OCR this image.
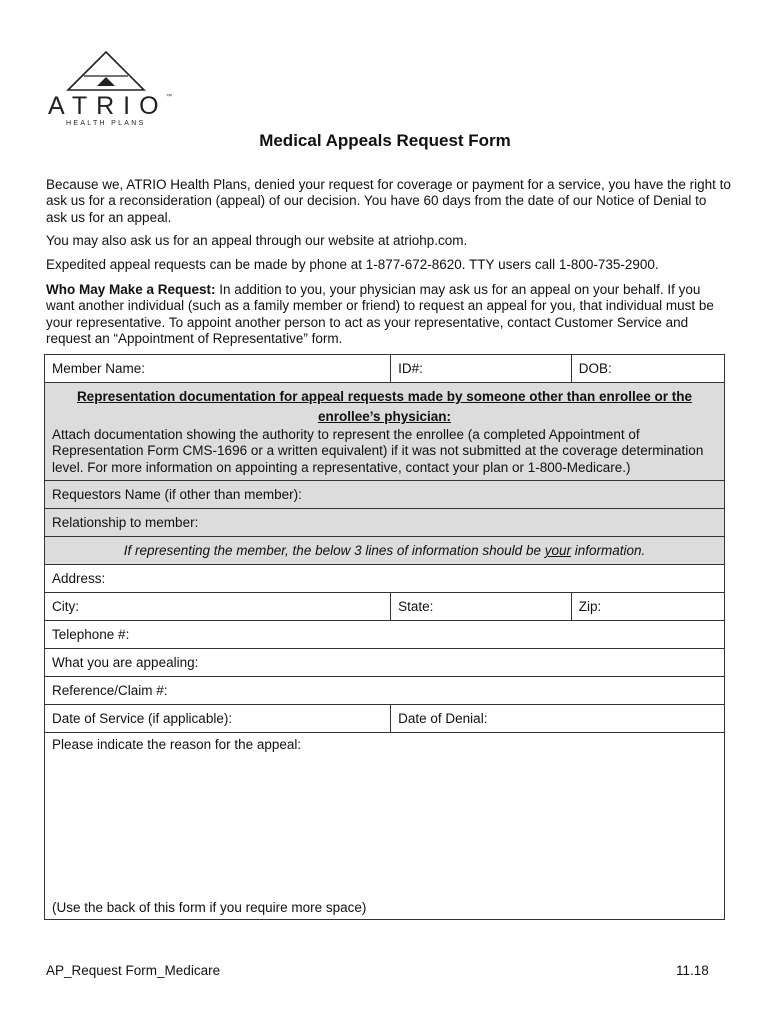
ATRIO
™
HEALTH PLANS
Medical Appeals Request Form
Because we, ATRIO Health Plans, denied your request for coverage or payment for a service, you have the right to ask us for a reconsideration (appeal) of our decision. You have 60 days from the date of our Notice of Denial to ask us for an appeal.
You may also ask us for an appeal through our website at atriohp.com.
Expedited appeal requests can be made by phone at 1-877-672-8620. TTY users call 1-800-735-2900.
Who May Make a Request: In addition to you, your physician may ask us for an appeal on your behalf. If you want another individual (such as a family member or friend) to request an appeal for you, that individual must be your representative. To appoint another person to act as your representative, contact Customer Service and request an “Appointment of Representative” form.
Member Name:	ID#:	DOB:

Representation documentation for appeal requests made by someone other than enrollee or the enrollee’s physician:
Attach documentation showing the authority to represent the enrollee (a completed Appointment of Representation Form CMS-1696 or a written equivalent) if it was not submitted at the coverage determination level. For more information on appointing a representative, contact your plan or 1-800-Medicare.)		

Requestors Name (if other than member):		
Relationship to member:		
If representing the member, the below 3 lines of information should be your information.		
Address:		
City:	State:	Zip:
Telephone #:		
What you are appealing:		
Reference/Claim #:		
Date of Service (if applicable):	Date of Denial:	

Please indicate the reason for the appeal:
(Use the back of this form if you require more space)		
AP_Request Form_Medicare	11.18
